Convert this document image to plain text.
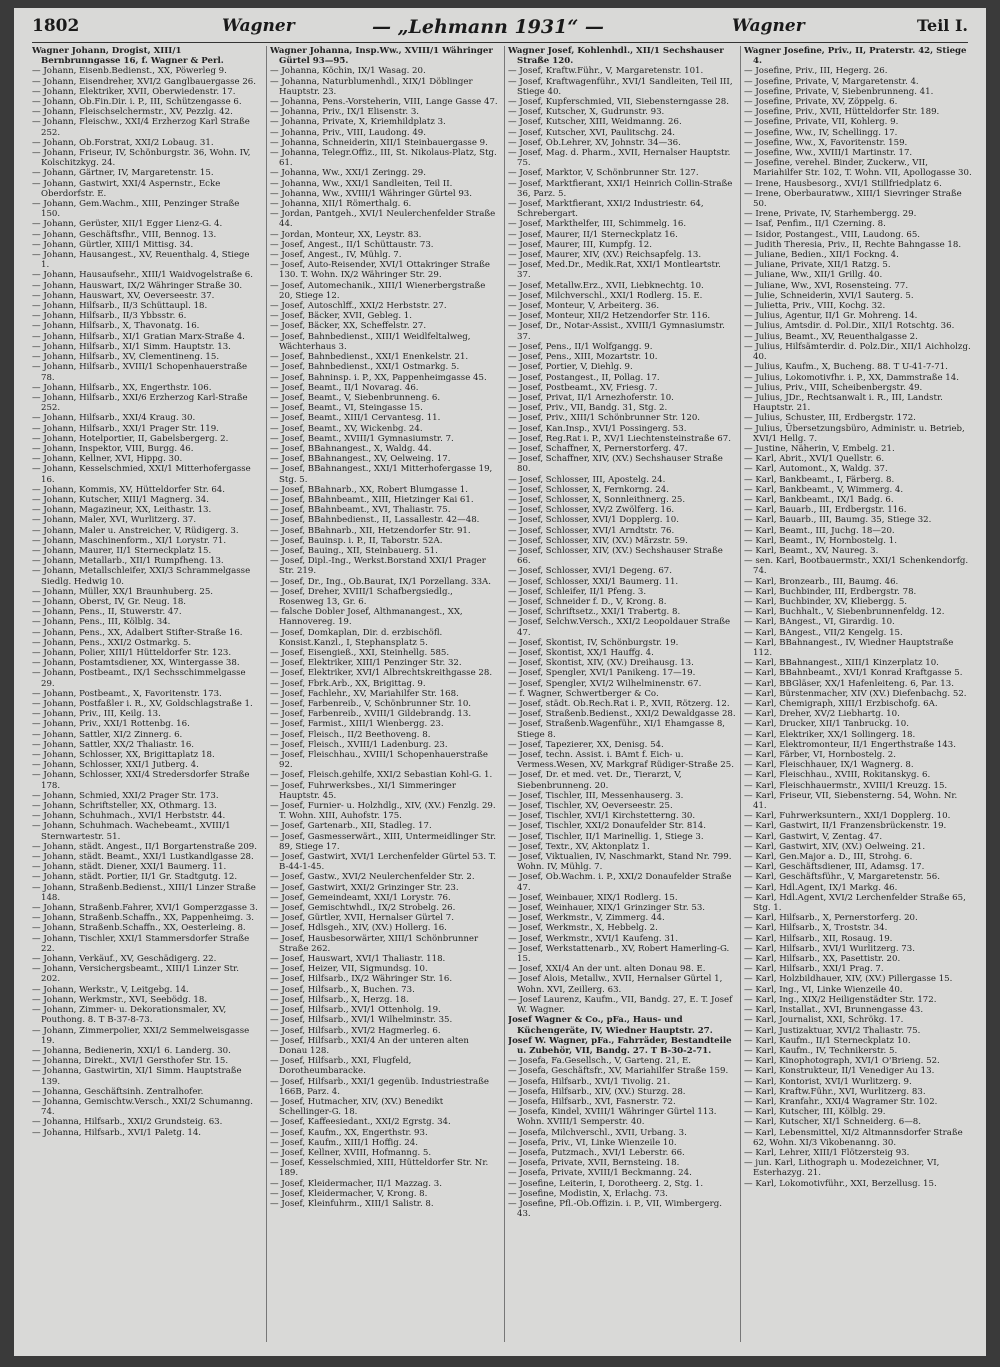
1802	Wagner	— „Lehmann 1931“ —	Wagner	Teil I.

Wagner Johann, Drogist, XIII/1 Bernbrunngasse 16, f. Wagner & Perl.

— Johann, Eisenb.Bedienst., XX, Pöwerleg 9.

— Johann, Eisendreher, XVI/2 Ganglbauergasse 26.

— Johann, Elektriker, XVII, Oberwiedenstr. 17.

— Johann, Ob.Fin.Dir. i. P., III, Schützengasse 6.

— Johann, Fleischselchermstr., XV, Pezzlg. 42.

— Johann, Fleischw., XXI/4 Erzherzog Karl Straße 252.

— Johann, Ob.Forstrat, XXI/2 Lobaug. 31.

— Johann, Friseur, IV, Schönburgstr. 36, Wohn. IV, Kolschitzkyg. 24.

— Johann, Gärtner, IV, Margaretenstr. 15.

— Johann, Gastwirt, XXI/4 Aspernstr., Ecke Oberdorfstr. E.

— Johann, Gem.Wachm., XIII, Penzinger Straße 150.

— Johann, Gerüster, XII/1 Egger Lienz-G. 4.

— Johann, Geschäftsfhr., VIII, Bennog. 13.

— Johann, Gürtler, XIII/1 Mittisg. 34.

— Johann, Hausangest., XV, Reuenthalg. 4, Stiege 1.

— Johann, Hausaufsehr., XIII/1 Waidvogelstraße 6.

— Johann, Hauswart, IX/2 Währinger Straße 30.

— Johann, Hauswart, XV, Oeverseestr. 37.

— Johann, Hilfsarb., II/3 Schüttaupl. 18.

— Johann, Hilfsarb., II/3 Ybbsstr. 6.

— Johann, Hilfsarb., X, Thavonatg. 16.

— Johann, Hilfsarb., XI/1 Gratian Marx-Straße 4.

— Johann, Hilfsarb., XI/1 Simm. Hauptstr. 13.

— Johann, Hilfsarb., XV, Clementineng. 15.

— Johann, Hilfsarb., XVIII/1 Schopenhauerstraße 78.

— Johann, Hilfsarb., XX, Engerthstr. 106.

— Johann, Hilfsarb., XXI/6 Erzherzog Karl-Straße 252.

— Johann, Hilfsarb., XXI/4 Kraug. 30.

— Johann, Hilfsarb., XXI/1 Prager Str. 119.

— Johann, Hotelportier, II, Gabelsbergerg. 2.

— Johann, Inspektor, VIII, Burgg. 46.

— Johann, Kellner, XVI, Hippg. 30.

— Johann, Kesselschmied, XXI/1 Mitterhofergasse 16.

— Johann, Kommis, XV, Hütteldorfer Str. 64.

— Johann, Kutscher, XIII/1 Magnerg. 34.

— Johann, Magazineur, XX, Leithastr. 13.

— Johann, Maler, XVI, Wurlitzerg. 37.

— Johann, Maler u. Anstreicher, V, Rüdigerg. 3.

— Johann, Maschinenform., XI/1 Lorystr. 71.

— Johann, Maurer, II/1 Sterneckplatz 15.

— Johann, Metallarb., XII/1 Rumpfheng. 13.

— Johann, Metallschleifer, XXI/3 Schrammelgasse Siedlg. Hedwig 10.

— Johann, Müller, XX/1 Braunhuberg. 25.

— Johann, Oberst, IV, Gr. Neug. 18.

— Johann, Pens., II, Stuwerstr. 47.

— Johann, Pens., III, Kölblg. 34.

— Johann, Pens., XX, Adalbert Stifter-Straße 16.

— Johann, Pens., XXI/2 Ostmarkg. 5.

— Johann, Polier, XIII/1 Hütteldorfer Str. 123.

— Johann, Postamtsdiener, XX, Wintergasse 38.

— Johann, Postbeamt., IX/1 Sechsschimmelgasse 29.

— Johann, Postbeamt., X, Favoritenstr. 173.

— Johann, Postfaßler i. R., XV, Goldschlagstraße 1.

— Johann, Priv., III, Keilg. 13.

— Johann, Priv., XXI/1 Rottenbg. 16.

— Johann, Sattler, XI/2 Zinnerg. 6.

— Johann, Sattler, XX/2 Thaliastr. 16.

— Johann, Schlosser, XX, Brigittaplatz 18.

— Johann, Schlosser, XXI/1 Jutberg. 4.

— Johann, Schlosser, XXI/4 Stredersdorfer Straße 178.

— Johann, Schmied, XXI/2 Prager Str. 173.

— Johann, Schriftsteller, XX, Othmarg. 13.

— Johann, Schuhmach., XVI/1 Herbststr. 44.

— Johann, Schuhmach. Wachebeamt., XVIII/1 Sternwartestr. 51.

— Johann, städt. Angest., II/1 Borgartenstraße 209.

— Johann, städt. Beamt., XXI/1 Lustkandlgasse 28.

— Johann, städt. Diener, XXI/1 Baumerg. 11.

— Johann, städt. Portier, II/1 Gr. Stadtgutg. 12.

— Johann, Straßenb.Bedienst., XIII/1 Linzer Straße 148.

— Johann, Straßenb.Fahrer, XVI/1 Gomperzgasse 3.

— Johann, Straßenb.Schaffn., XX, Pappenheimg. 3.

— Johann, Straßenb.Schaffn., XX, Oesterleing. 8.

— Johann, Tischler, XXI/1 Stammersdorfer Straße 22.

— Johann, Verkäuf., XV, Geschädigerg. 22.

— Johann, Versichergsbeamt., XIII/1 Linzer Str. 202.

— Johann, Werkstr., V, Leitgebg. 14.

— Johann, Werkmstr., XVI, Seebödg. 18.

— Johann, Zimmer- u. Dekorationsmaler, XV, Pouthong. 8. T B-37-8-73.

— Johann, Zimmerpolier, XXI/2 Semmelweisgasse 19.

— Johanna, Bedienerin, XXI/1 6. Landerg. 30.

— Johanna, Direkt., XVI/1 Gersthofer Str. 15.

— Johanna, Gastwirtin, XI/1 Simm. Hauptstraße 139.

— Johanna, Geschäftsinh. Zentralhofer.

— Johanna, Gemischtw.Versch., XXI/2 Schumanng. 74.

— Johanna, Hilfsarb., XXI/2 Grundsteig. 63.

— Johanna, Hilfsarb., XVI/1 Paletg. 14.

Wagner Johanna, Insp.Ww., XVIII/1 Währinger Gürtel 93—95.

— Johanna, Köchin, IX/1 Wasag. 20.

— Johanna, Naturblumenhdl., XIX/1 Döblinger Hauptstr. 23.

— Johanna, Pens.-Vorsteherin, VIII, Lange Gasse 47.

— Johanna, Priv., IX/1 Elisenstr. 3.

— Johanna, Private, X, Kriemhildplatz 3.

— Johanna, Priv., VIII, Laudong. 49.

— Johanna, Schneiderin, XII/1 Steinbauergasse 9.

— Johanna, Telegr.Offiz., III, St. Nikolaus-Platz, Stg. 61.

— Johanna, Ww., XXI/1 Zeringg. 29.

— Johanna, Ww., XXI/1 Sandleiten, Teil II.

— Johanna, Ww., XVIII/1 Währinger Gürtel 93.

— Johanna, XII/1 Römerthalg. 6.

— Jordan, Pantgeh., XVI/1 Neulerchenfelder Straße 44.

— Jordan, Monteur, XX, Leystr. 83.

— Josef, Angest., II/1 Schüttaustr. 73.

— Josef, Angest., IV, Mühlg. 7.

— Josef, Auto-Reisender, XVI/1 Ottakringer Straße 130. T. Wohn. IX/2 Währinger Str. 29.

— Josef, Automechanik., XIII/1 Wienerbergstraße 20, Stiege 12.

— Josef, Autoschlff., XXI/2 Herbststr. 27.

— Josef, Bäcker, XVII, Gebleg. 1.

— Josef, Bäcker, XX, Scheffelstr. 27.

— Josef, Bahnbedienst., XIII/1 Weidlfeltalweg, Wächterhaus 3.

— Josef, Bahnbedienst., XXI/1 Enenkelstr. 21.

— Josef, Bahnbedienst., XXI/1 Ostmarkg. 5.

— Josef, Bahninsp. i. P., XX, Pappenheimgasse 45.

— Josef, Beamt., II/1 Novarag. 46.

— Josef, Beamt., V, Siebenbrunneng. 6.

— Josef, Beamt., VI, Steingasse 15.

— Josef, Beamt., XIII/1 Cervantesg. 11.

— Josef, Beamt., XV, Wickenbg. 24.

— Josef, Beamt., XVIII/1 Gymnasiumstr. 7.

— Josef, BBahnangest., X, Waldg. 44.

— Josef, BBahnangest., XV, Oelweing. 17.

— Josef, BBahnangest., XXI/1 Mitterhofergasse 19, Stg. 5.

— Josef, BBahnarb., XX, Robert Blumgasse 1.

— Josef, BBahnbeamt., XIII, Hietzinger Kai 61.

— Josef, BBahnbeamt., XVI, Thaliastr. 75.

— Josef, BBahnbedienst., II, Lassallestr. 42—48.

— Josef, BBahnarb., XII, Hetzendorfer Str. 91.

— Josef, Bauinsp. i. P., II, Taborstr. 52A.

— Josef, Bauing., XII, Steinbauerg. 51.

— Josef, Dipl.-Ing., Werkst.Borstand XXI/1 Prager Str. 219.

— Josef, Dr., Ing., Ob.Baurat, IX/1 Porzellang. 33A.

— Josef, Dreher, XVIII/1 Schafbergsiedlg., Rosenweg 13, Gr. 6.

— falsche Dobler Josef, Althmanangest., XX, Hannovereg. 19.

— Josef, Domkaplan, Dir. d. erzbischöfl. Konsist.Kanzl., I, Stephansplatz 5.

— Josef, Eisengieß., XXI, Steinhellg. 585.

— Josef, Elektriker, XIII/1 Penzinger Str. 32.

— Josef, Elektriker, XVI/1 Albrechtskreithgasse 28.

— Josef, Fbrk.Arb., XX, Brigittag. 9.

— Josef, Fachlehr., XV, Mariahilfer Str. 168.

— Josef, Farbenreib., V, Schönbrunner Str. 10.

— Josef, Farbenreib., XVIII/1 Gildebrandg. 13.

— Josef, Farmist., XIII/1 Wienbergg. 23.

— Josef, Fleisch., II/2 Beethoveng. 8.

— Josef, Fleisch., XVIII/1 Ladenburg. 23.

— Josef, Fleischhau., XVIII/1 Schopenhauerstraße 92.

— Josef, Fleisch.gehilfe, XXI/2 Sebastian Kohl-G. 1.

— Josef, Fuhrwerksbes., XI/1 Simmeringer Hauptstr. 45.

— Josef, Furnier- u. Holzhdlg., XIV, (XV.) Fenzlg. 29. T. Wohn. XIII, Auhofstr. 175.

— Josef, Gartenarb., XII, Stadleg. 17.

— Josef, Gasmesserwärt., XIII, Untermeidlinger Str. 89, Stiege 17.

— Josef, Gastwirt, XVI/1 Lerchenfelder Gürtel 53. T. B-44-1-45.

— Josef, Gastw., XVI/2 Neulerchenfelder Str. 2.

— Josef, Gastwirt, XXI/2 Grinzinger Str. 23.

— Josef, Gemeindeamt, XXI/1 Lorystr. 76.

— Josef, Gemischtwhdl., IX/2 Strobelg. 26.

— Josef, Gürtler, XVII, Hernalser Gürtel 7.

— Josef, Hdlsgeh., XIV, (XV.) Hollerg. 16.

— Josef, Hausbesorwärter, XIII/1 Schönbrunner Straße 262.

— Josef, Hauswart, XVI/1 Thaliastr. 118.

— Josef, Heizer, VII, Sigmundsg. 10.

— Josef, Hilfsarb., IX/2 Währinger Str. 16.

— Josef, Hilfsarb., X, Buchen. 73.

— Josef, Hilfsarb., X, Herzg. 18.

— Josef, Hilfsarb., XVI/1 Ottenholg. 19.

— Josef, Hilfsarb., XVI/1 Wilhelminstr. 35.

— Josef, Hilfsarb., XVI/2 Hagmerleg. 6.

— Josef, Hilfsarb., XXI/4 An der unteren alten Donau 128.

— Josef, Hilfsarb., XXI, Flugfeld, Dorotheumbaracke.

— Josef, Hilfsarb., XXI/1 gegenüb. Industriestraße 166B, Parz. 4.

— Josef, Hutmacher, XIV, (XV.) Benedikt Schellinger-G. 18.

— Josef, Kaffeesiedant., XXI/2 Egrstg. 34.

— Josef, Kaufm., XX, Engerthstr. 93.

— Josef, Kaufm., XIII/1 Hoffig. 24.

— Josef, Kellner, XVIII, Hofmanng. 5.

— Josef, Kesselschmied, XIII, Hütteldorfer Str. Nr. 189.

— Josef, Kleidermacher, II/1 Mazzag. 3.

— Josef, Kleidermacher, V, Krong. 8.

— Josef, Kleinfuhrm., XIII/1 Salistr. 8.

Wagner Josef, Kohlenhdl., XII/1 Sechshauser Straße 120.

— Josef, Kraftw.Führ., V, Margaretenstr. 101.

— Josef, Kraftwagenführ., XVI/1 Sandleiten, Teil III, Stiege 40.

— Josef, Kupferschmied, VII, Siebensterngasse 28.

— Josef, Kutscher, X, Gudrunstr. 93.

— Josef, Kutscher, XIII, Weidmanng. 26.

— Josef, Kutscher, XVI, Paulitschg. 24.

— Josef, Ob.Lehrer, XV, Johnstr. 34—36.

— Josef, Mag. d. Pharm., XVII, Hernalser Hauptstr. 75.

— Josef, Marktor, V, Schönbrunner Str. 127.

— Josef, Marktfierant, XXI/1 Heinrich Collin-Straße 36, Parz. 5.

— Josef, Marktfierant, XXI/2 Industriestr. 64, Schrebergart.

— Josef, Markthelfer, III, Schimmelg. 16.

— Josef, Maurer, II/1 Sterneckplatz 16.

— Josef, Maurer, III, Kumpfg. 12.

— Josef, Maurer, XIV, (XV.) Reichsapfelg. 13.

— Josef, Med.Dr., Medik.Rat, XXI/1 Montleartstr. 37.

— Josef, Metallw.Erz., XVII, Liebknechtg. 10.

— Josef, Milchverschl., XXI/1 Rodlerg. 15. E.

— Josef, Monteur, V, Arbeiterg. 36.

— Josef, Monteur, XII/2 Hetzendorfer Str. 116.

— Josef, Dr., Notar-Assist., XVIII/1 Gymnasiumstr. 37.

— Josef, Pens., II/1 Wolfgangg. 9.

— Josef, Pens., XIII, Mozartstr. 10.

— Josef, Portier, V, Diehlg. 9.

— Josef, Postangest., II, Pollag. 17.

— Josef, Postbeamt., XV, Friesg. 7.

— Josef, Privat, II/1 Arnezhoferstr. 10.

— Josef, Priv., VII, Bandg. 31, Stg. 2.

— Josef, Priv., XIII/1 Schönbrunner Str. 120.

— Josef, Kan.Insp., XVI/1 Possingerg. 53.

— Josef, Reg.Rat i. P., XV/1 Liechtensteinstraße 67.

— Josef, Schaffner, X, Pernerstorferg. 47.

— Josef, Schaffner, XIV, (XV.) Sechshauser Straße 80.

— Josef, Schlosser, III, Apostelg. 24.

— Josef, Schlosser, X, Fernkorng. 24.

— Josef, Schlosser, X, Sonnleithnerg. 25.

— Josef, Schlosser, XV/2 Zwölferg. 16.

— Josef, Schlosser, XVI/1 Dopplerg. 10.

— Josef, Schlosser, XVI/1 Arndtstr. 76.

— Josef, Schlosser, XIV, (XV.) Märzstr. 59.

— Josef, Schlosser, XIV, (XV.) Sechshauser Straße 66.

— Josef, Schlosser, XVI/1 Degeng. 67.

— Josef, Schlosser, XXI/1 Baumerg. 11.

— Josef, Schleifer, II/1 Pfeng. 3.

— Josef, Schneider f. D., V, Krong. 8.

— Josef, Schriftsetz., XXI/1 Trabertg. 8.

— Josef, Selchw.Versch., XXI/2 Leopoldauer Straße 47.

— Josef, Skontist, IV, Schönburgstr. 19.

— Josef, Skontist, XX/1 Hauffg. 4.

— Josef, Skontist, XIV, (XV.) Dreihausg. 13.

— Josef, Spengler, XVI/1 Panikeng. 17—19.

— Josef, Spengler, XVI/2 Wilhelminenstr. 67.

— f. Wagner, Schwertberger & Co.

— Josef, städt. Ob.Rech.Rat i. P., XVII, Rötzerg. 12.

— Josef, Straßenb.Bedienst., XXI/2 Dewaldgasse 28.

— Josef, Straßenb.Wagenführ., XI/1 Ehamgasse 8, Stiege 8.

— Josef, Tapezierer, XX, Denisg. 54.

— Josef, techn. Assist. i. BAmt f. Eich- u. Vermess.Wesen, XV, Markgraf Rüdiger-Straße 25.

— Josef, Dr. et med. vet. Dr., Tierarzt, V, Siebenbrunneng. 20.

— Josef, Tischler, III, Messenhauserg. 3.

— Josef, Tischler, XV, Oeverseestr. 25.

— Josef, Tischler, XVI/1 Kirchstetterng. 30.

— Josef, Tischler, XXI/2 Donaufelder Str. 814.

— Josef, Tischler, II/1 Marinellig. 1, Stiege 3.

— Josef, Textr., XV, Aktonplatz 1.

— Josef, Viktualien, IV, Naschmarkt, Stand Nr. 799. Wohn. IV, Mühlg. 7.

— Josef, Ob.Wachm. i. P., XXI/2 Donaufelder Straße 47.

— Josef, Weinbauer, XIX/1 Rodlerg. 15.

— Josef, Weinhauer, XIX/1 Grinzinger Str. 53.

— Josef, Werkmstr., V, Zimmerg. 44.

— Josef, Werkmstr., X, Hebbelg. 2.

— Josef, Werkmstr., XVI/1 Kaufeng. 31.

— Josef, Werkstattenarb., XV, Robert Hamerling-G. 15.

— Josef, XXI/4 An der unt. alten Donau 98. E.

— Josef Alois, Metallw., XVII, Hernalser Gürtel 1, Wohn. XVI, Zeillerg. 63.

— Josef Laurenz, Kaufm., VII, Bandg. 27, E. T. Josef W. Wagner.

Josef Wagner & Co., pFa., Haus- und Küchengeräte, IV, Wiedner Hauptstr. 27.

Josef W. Wagner, pFa., Fahrräder, Bestandteile u. Zubehör, VII, Bandg. 27. T B-30-2-71.

— Josefa, Fa.Gesellsch., V, Garteng. 21, E.

— Josefa, Geschäftsfr., XV, Mariahilfer Straße 159.

— Josefa, Hilfsarb., XVI/1 Tivolig. 21.

— Josefa, Hilfsarb., XIV, (XV.) Sturzg. 28.

— Josefa, Hilfsarb., XVI, Fasnerstr. 72.

— Josefa, Kindel, XVIII/1 Währinger Gürtel 113. Wohn. XVIII/1 Semperstr. 40.

— Josefa, Milchverschl., XVII, Urbang. 3.

— Josefa, Priv., VI, Linke Wienzeile 10.

— Josefa, Putzmach., XVI/1 Leberstr. 66.

— Josefa, Private, XVII, Bernsteing. 18.

— Josefa, Private, XVIII/1 Beckmanng. 24.

— Josefine, Leiterin, I, Dorotheerg. 2, Stg. 1.

— Josefine, Modistin, X, Erlachg. 73.

— Josefine, Pfl.-Ob.Offizin. i. P., VII, Wimbergerg. 43.

Wagner Josefine, Priv., II, Praterstr. 42, Stiege 4.

— Josefine, Priv., III, Hegerg. 26.

— Josefine, Private, V, Margaretenstr. 4.

— Josefine, Private, V, Siebenbrunneng. 41.

— Josefine, Private, XV, Zöppelg. 6.

— Josefine, Priv., XVII, Hütteldorfer Str. 189.

— Josefine, Private, VII, Kohlerg. 9.

— Josefine, Ww., IV, Schellingg. 17.

— Josefine, Ww., X, Favoritenstr. 159.

— Josefine, Ww., XVIII/1 Martinstr. 17.

— Josefine, verehel. Binder, Zuckerw., VII, Mariahilfer Str. 102, T. Wohn. VII, Apollogasse 30.

— Irene, Hausbesorg., XVI/1 Stillfriedplatz 6.

— Irene, Oberbauratww., XIII/1 Sievringer Straße 50.

— Irene, Private, IV, Starhembergg. 29.

— Isaf, Penfim., II/1 Czerning. 8.

— Isidor, Postangest., VIII, Laudong. 65.

— Judith Theresia, Priv., II, Rechte Bahngasse 18.

— Juliane, Bedien., XII/1 Fockng. 4.

— Juliane, Private, XII/1 Ratzg. 5.

— Juliane, Ww., XII/1 Grillg. 40.

— Juliane, Ww., XVI, Rosensteing. 77.

— Julie, Schneiderin, XVI/1 Sauterg. 5.

— Julietta, Priv., VIII, Kochg. 32.

— Julius, Agentur, II/1 Gr. Mohreng. 14.

— Julius, Amtsdir. d. Pol.Dir., XII/1 Rotschtg. 36.

— Julius, Beamt., XV, Reuenthalgasse 2.

— Julius, Hilfsämterdir. d. Polz.Dir., XII/1 Aichholzg. 40.

— Julius, Kaufm., X, Bucheng. 88. T U-41-7-71.

— Julius, Lokomotivfhr. i. P., XX, Dammstraße 14.

— Julius, Priv., VIII, Scheibenbergstr. 49.

— Julius, JDr., Rechtsanwalt i. R., III, Landstr. Hauptstr. 21.

— Julius, Schuster, III, Erdbergstr. 172.

— Julius, Übersetzungsbüro, Administr. u. Betrieb, XVI/1 Hellg. 7.

— Justine, Näherin, V, Embelg. 21.

— Karl, Abrit., XVI/1 Quellstr. 6.

— Karl, Automont., X, Waldg. 37.

— Karl, Bankbeamt., I, Färberg. 8.

— Karl, Bankbeamt., V, Wimmerg. 4.

— Karl, Bankbeamt., IX/1 Badg. 6.

— Karl, Bauarb., III, Erdbergstr. 116.

— Karl, Bauarb., III, Baumg. 35, Stiege 32.

— Karl, Beamt., III, Juchg. 18—20.

— Karl, Beamt., IV, Hornbostelg. 1.

— Karl, Beamt., XV, Naureg. 3.

— sen. Karl, Bootbauermstr., XXI/1 Schenkendorfg. 74.

— Karl, Bronzearb., III, Baumg. 46.

— Karl, Buchbinder, III, Erdbergstr. 78.

— Karl, Buchbinder, XV, Kliebergg. 5.

— Karl, Buchhalt., V, Siebenbrunnenfeldg. 12.

— Karl, BAngest., VI, Girardig. 10.

— Karl, BAngest., VII/2 Kengelg. 15.

— Karl, BBahnangest., IV, Wiedner Hauptstraße 112.

— Karl, BBahnangest., XIII/1 Kinzerplatz 10.

— Karl, BBahnbeamt., XVI/1 Konrad Kraftgasse 5.

— Karl, BBGläser, XX/1 Hafenleiteng. 6, Par. 13.

— Karl, Bürstenmacher, XIV (XV.) Diefenbachg. 52.

— Karl, Chemigraph, XIII/1 Erzbischofg. 6A.

— Karl, Dreher, XV/2 Liebhartg. 10.

— Karl, Drucker, XII/1 Tanbruckg. 10.

— Karl, Elektriker, XX/1 Sollingerg. 18.

— Karl, Elektromonteur, II/1 Engerthstraße 143.

— Karl, Färber, VI, Hornbostelg. 2.

— Karl, Fleischhauer, IX/1 Wagnerg. 8.

— Karl, Fleischhau., XVIII, Rokitanskyg. 6.

— Karl, Fleischhauermstr., XVIII/1 Kreuzg. 15.

— Karl, Friseur, VII, Siebensterng. 54, Wohn. Nr. 41.

— Karl, Fuhrwerksuntern., XXI/1 Dopplerg. 10.

— Karl, Gastwirt, II/1 Franzensbrückenstr. 19.

— Karl, Gastwirt, V, Zentag. 47.

— Karl, Gastwirt, XIV, (XV.) Oelweing. 21.

— Karl, Gen.Major a. D., III, Strohg. 6.

— Karl, Geschäftsdiener, III, Adamsg. 17.

— Karl, Geschäftsführ., V, Margaretenstr. 56.

— Karl, Hdl.Agent, IX/1 Markg. 46.

— Karl, Hdl.Agent, XVI/2 Lerchenfelder Straße 65, Stg. 1.

— Karl, Hilfsarb., X, Pernerstorferg. 20.

— Karl, Hilfsarb., X, Troststr. 34.

— Karl, Hilfsarb., XII, Rosaug. 19.

— Karl, Hilfsarb., XVI/1 Wurlitzerg. 73.

— Karl, Hilfsarb., XX, Pasettistr. 20.

— Karl, Hilfsarb., XXI/1 Prag. 7.

— Karl, Holzbildhauer, XIV, (XV.) Pillergasse 15.

— Karl, Ing., VI, Linke Wienzeile 40.

— Karl, Ing., XIX/2 Heiligenstädter Str. 172.

— Karl, Installat., XVI, Brunnengasse 43.

— Karl, Journalist, XXI, Schrökg. 17.

— Karl, Justizaktuar, XVI/2 Thaliastr. 75.

— Karl, Kaufm., II/1 Sterneckplatz 10.

— Karl, Kaufm., IV, Technikerstr. 5.

— Karl, Kinophotograph, XVI/1 O'Brieng. 52.

— Karl, Konstrukteur, II/1 Venediger Au 13.

— Karl, Kontorist, XVI/1 Wurlitzerg. 9.

— Karl, Kraftw.Führ., XVI, Wurlitzerg. 83.

— Karl, Kranfahr., XXI/4 Wagramer Str. 102.

— Karl, Kutscher, III, Kölblg. 29.

— Karl, Kutscher, XI/1 Schneiderg. 6—8.

— Karl, Lebensmittel, XI/2 Altmannsdorfer Straße 62, Wohn. XI/3 Vikobenanng. 30.

— Karl, Lehrer, XIII/1 Flötzersteig 93.

— jun. Karl, Lithograph u. Modezeichner, VI, Esterhazyg. 21.

— Karl, Lokomotivführ., XXI, Berzellusg. 15.
